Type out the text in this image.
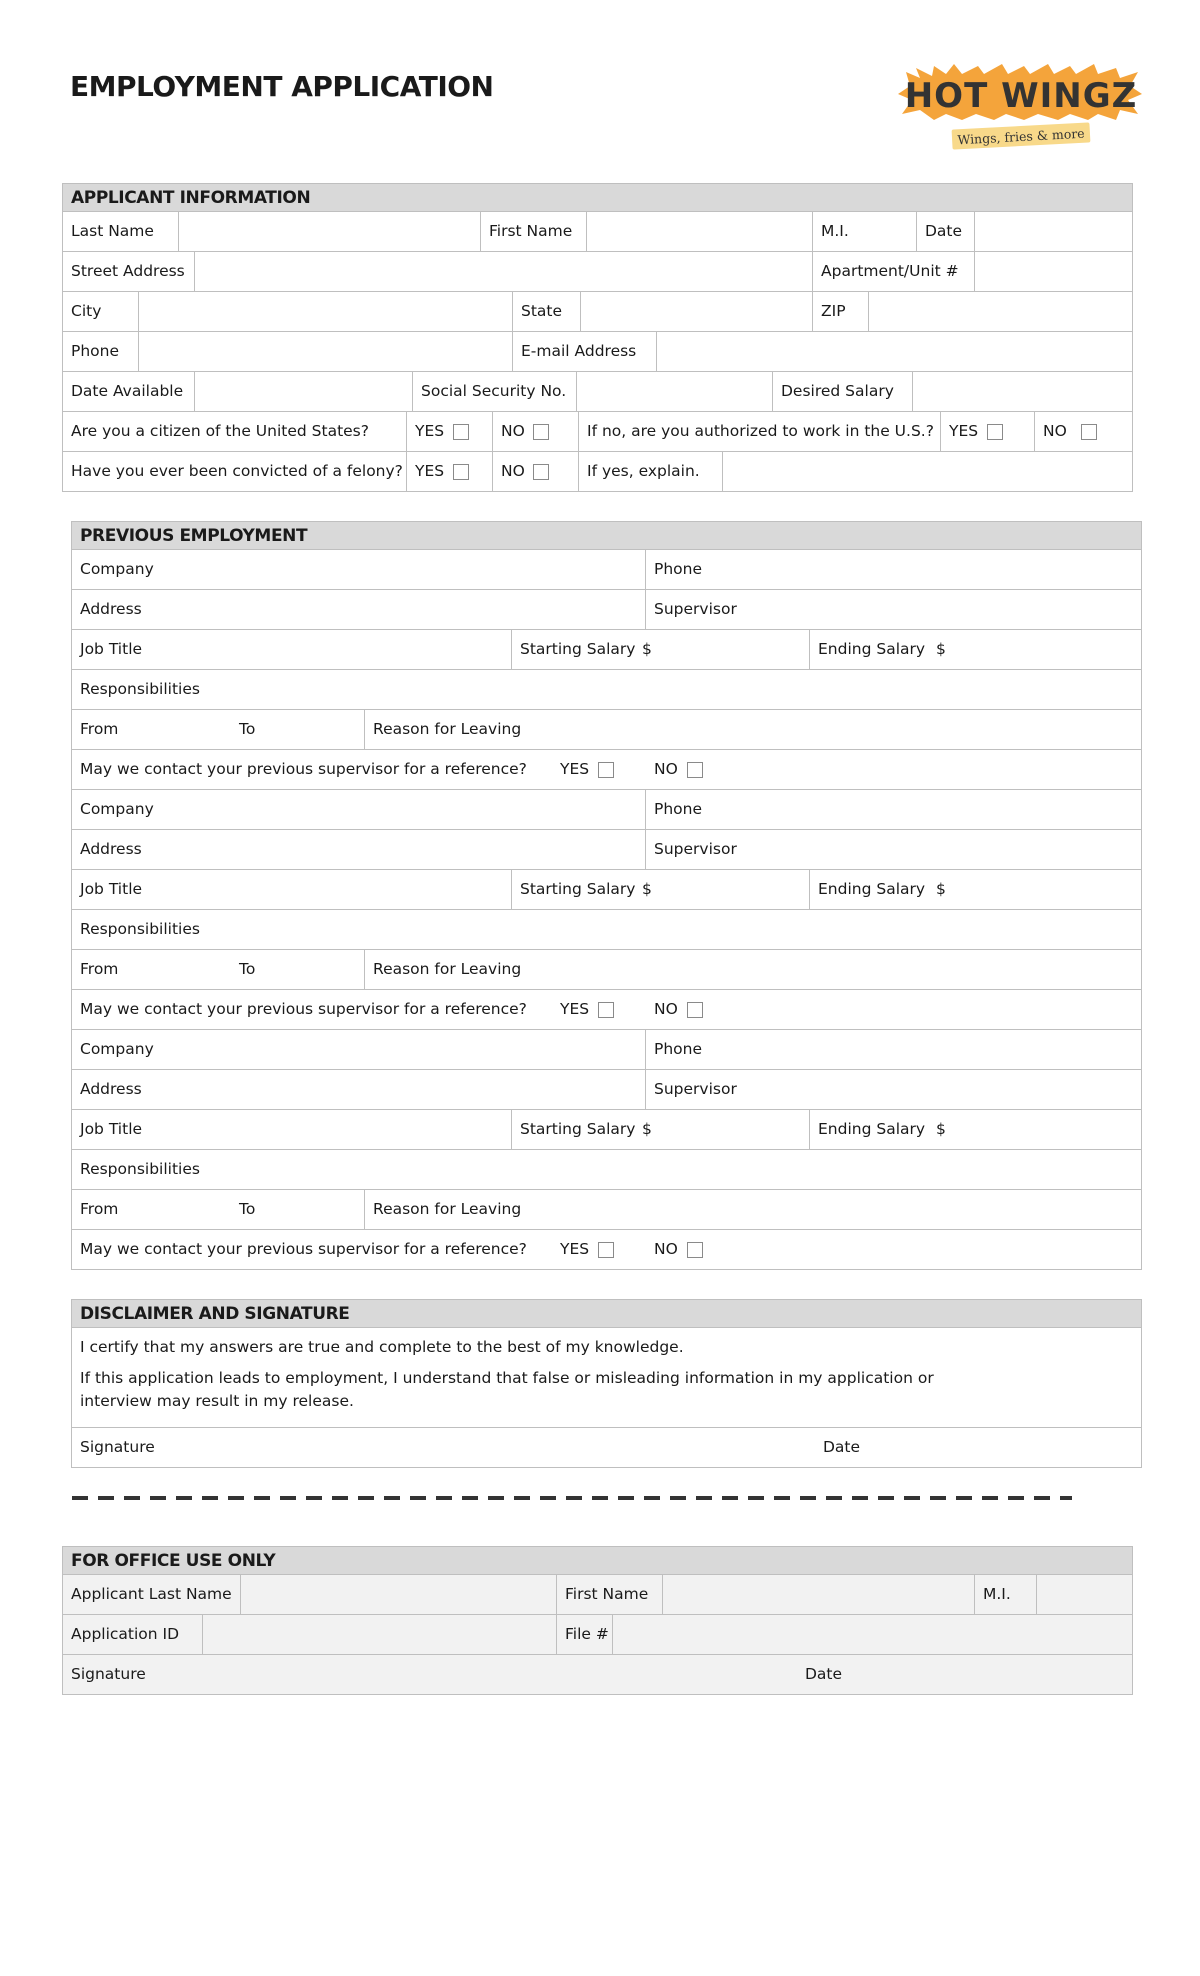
EMPLOYMENT APPLICATION	HOT WINGZ
Wings, fries & more
APPLICANT INFORMATION
Last Name	First Name	M.I.	Date
Street Address	Apartment/Unit #
City	State	ZIP
Phone	E-mail Address
Date Available	Social Security No.	Desired Salary
Are you a citizen of the United States?	YES	NO	If no, are you authorized to work in the U.S.? YES	NO
Have you ever been convicted of a felony? YES	NO	If yes, explain.
PREVIOUS EMPLOYMENT
Company	Phone
Address	Supervisor
Job Title	Starting Salary $	Ending Salary $
Responsibilities
From	To	Reason for Leaving
May we contact your previous supervisor for a reference? YES	NO
Company	Phone
Address	Supervisor
Job Title	Starting Salary $	Ending Salary $
Responsibilities
From	To	Reason for Leaving
May we contact your previous supervisor for a reference? YES	NO
Company	Phone
Address	Supervisor
Job Title	Starting Salary $	Ending Salary $
Responsibilities
From	To	Reason for Leaving
May we contact your previous supervisor for a reference? YES	NO
DISCLAIMER AND SIGNATURE

I certify that my answers are true and complete to the best of my knowledge.

If this application leads to employment, I understand that false or misleading information in my application or interview may result in my release.

Signature	Date
FOR OFFICE USE ONLY
Applicant Last Name	First Name	M.I.
Application ID	File #
Signature	Date
